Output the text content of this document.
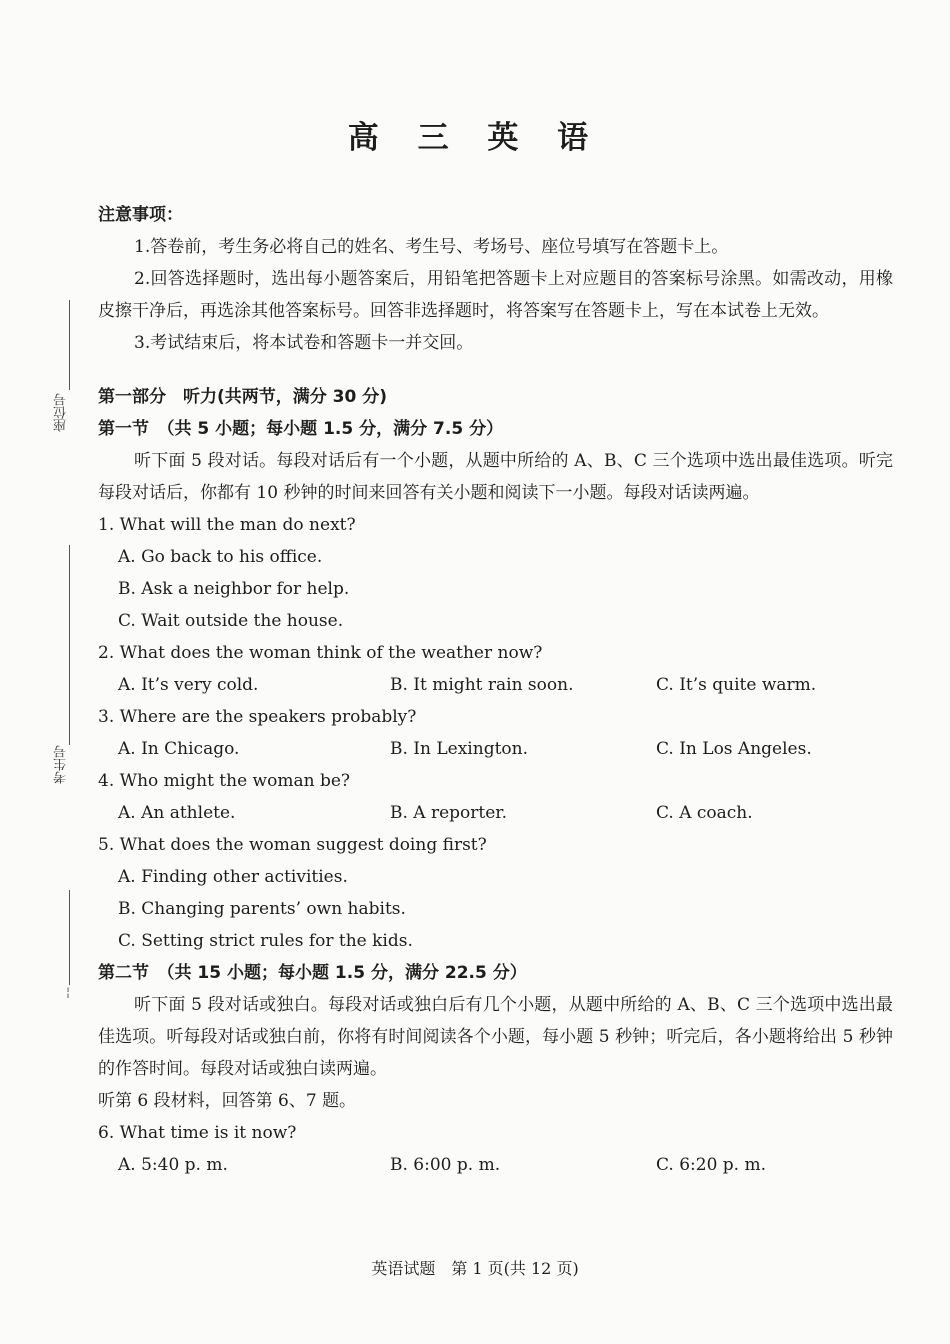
座位号
考生号
¦
高 三 英 语

注意事项：

1.答卷前，考生务必将自己的姓名、考生号、考场号、座位号填写在答题卡上。

2.回答选择题时，选出每小题答案后，用铅笔把答题卡上对应题目的答案标号涂黑。如需改动，用橡皮擦干净后，再选涂其他答案标号。回答非选择题时，将答案写在答题卡上，写在本试卷上无效。

3.考试结束后，将本试卷和答题卡一并交回。

第一部分　听力(共两节，满分 30 分)

第一节　（共 5 小题；每小题 1.5 分，满分 7.5 分）

听下面 5 段对话。每段对话后有一个小题，从题中所给的 A、B、C 三个选项中选出最佳选项。听完每段对话后，你都有 10 秒钟的时间来回答有关小题和阅读下一小题。每段对话读两遍。

1. What will the man do next?

A. Go back to his office.

B. Ask a neighbor for help.

C. Wait outside the house.

2. What does the woman think of the weather now?

A. It’s very cold.	B. It might rain soon.	C. It’s quite warm.

3. Where are the speakers probably?

A. In Chicago.	B. In Lexington.	C. In Los Angeles.

4. Who might the woman be?

A. An athlete.	B. A reporter.	C. A coach.

5. What does the woman suggest doing first?

A. Finding other activities.

B. Changing parents’ own habits.

C. Setting strict rules for the kids.

第二节　（共 15 小题；每小题 1.5 分，满分 22.5 分）

听下面 5 段对话或独白。每段对话或独白后有几个小题，从题中所给的 A、B、C 三个选项中选出最佳选项。听每段对话或独白前，你将有时间阅读各个小题，每小题 5 秒钟；听完后，各小题将给出 5 秒钟的作答时间。每段对话或独白读两遍。

听第 6 段材料，回答第 6、7 题。

6. What time is it now?

A. 5:40 p. m.	B. 6:00 p. m.	C. 6:20 p. m.
英语试题　第 1 页(共 12 页)
